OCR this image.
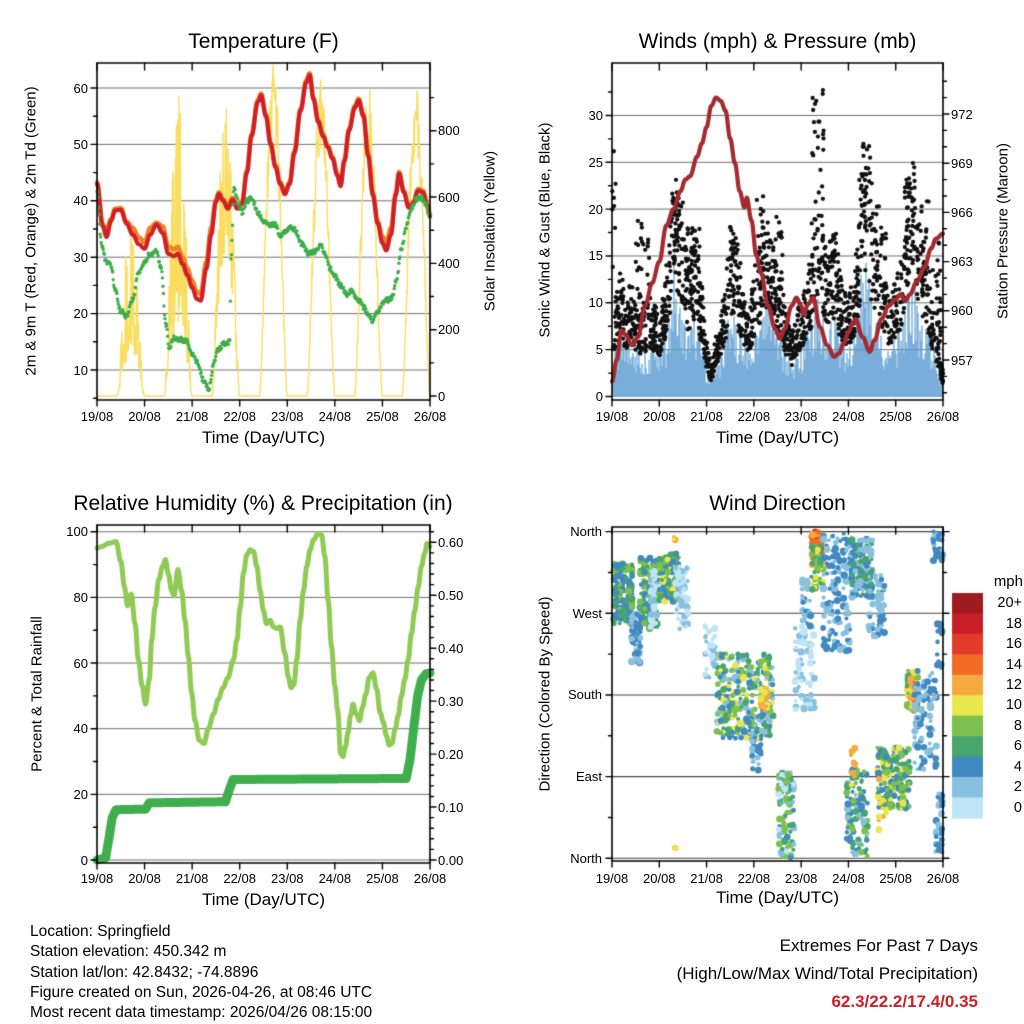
Temperature (F)	Winds (mph) & Pressure (mb)
Relative Humidity (%) & Precipitation (in)	Wind Direction
Time (Day/UTC)	Time (Day/UTC)
Time (Day/UTC)	Time (Day/UTC)
2m & 9m T (Red, Orange) & 2m Td (Green)	Solar Insolation (Yellow)	Sonic Wind & Gust (Blue, Black)	Station Pressure (Maroon)
Percent & Total Rainfall	Direction (Colored By Speed)
mph
Location: Springfield
Station elevation: 450.342 m
Station lat/lon: 42.8432; -74.8896
Figure created on Sun, 2026-04-26, at 08:46 UTC
Most recent data timestamp: 2026/04/26 08:15:00
Extremes For Past 7 Days
(High/Low/Max Wind/Total Precipitation)
62.3/22.2/17.4/0.35
10
20
30
40
50
60
0
200
400
600
800
19/08 20/08 21/08 22/08 23/08 24/08 25/08 26/08
0
5
10
15
20
25
30
957
960
963
966
969
972
19/08 20/08 21/08 22/08 23/08 24/08 25/08 26/08
0
20
40
60
80
100
0.00
0.10
0.20
0.30
0.40
0.50
0.60
19/08 20/08 21/08 22/08 23/08 24/08 25/08 26/08
North
West
South
East
North
19/08 20/08 21/08 22/08 23/08 24/08 25/08 26/08
20+
18
16
14
12
10
8
6
4
2
0
